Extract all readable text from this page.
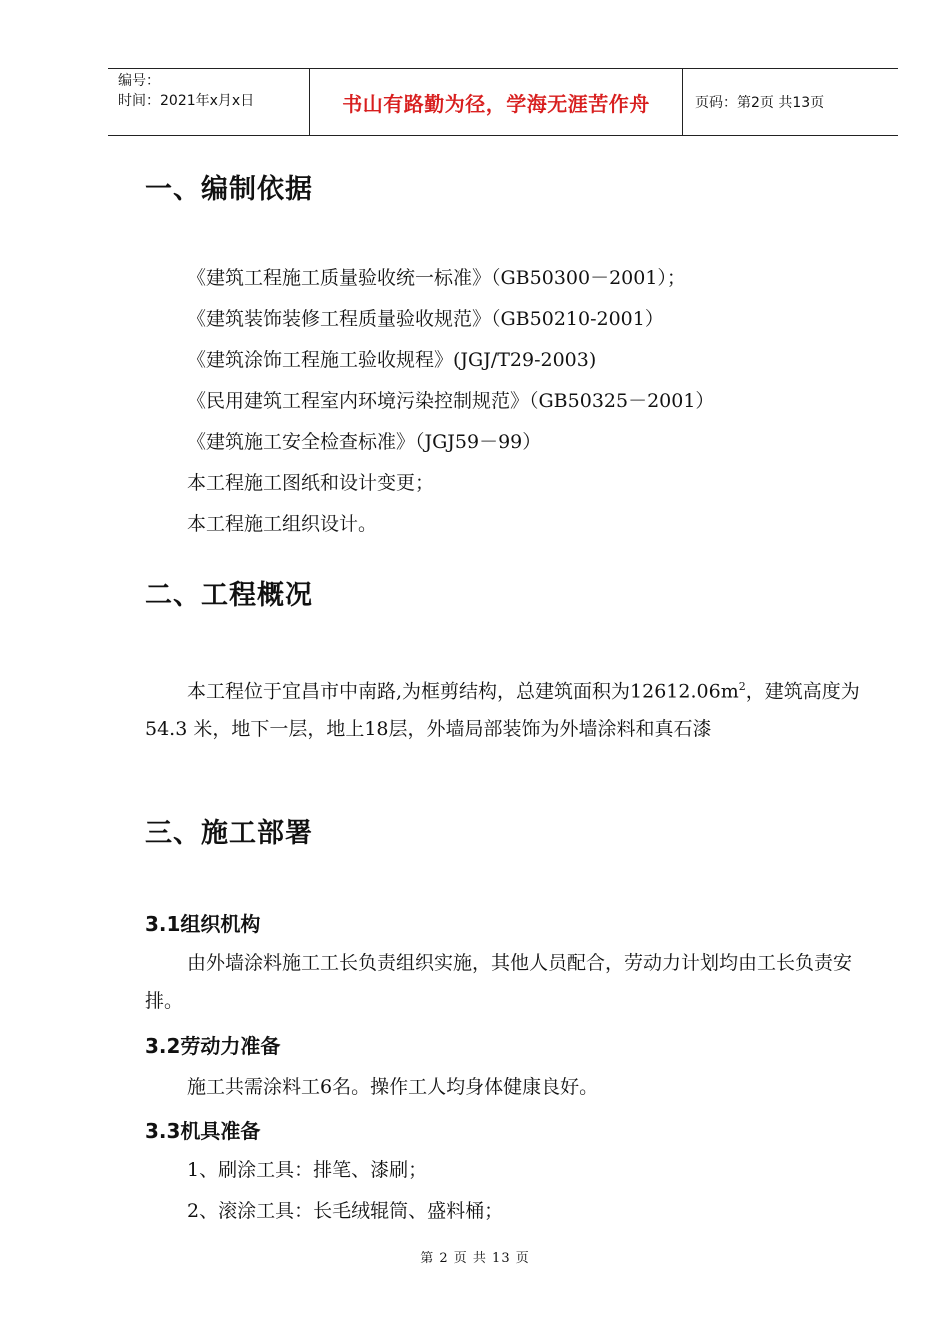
编号：
时间：2021年x月x日	书山有路勤为径，学海无涯苦作舟	页码：第2页 共13页
一、编制依据
《建筑工程施工质量验收统一标准》（GB50300－2001）；
《建筑装饰装修工程质量验收规范》（GB50210-2001）
《建筑涂饰工程施工验收规程》(JGJ/T29-2003)
《民用建筑工程室内环境污染控制规范》（GB50325－2001）
《建筑施工安全检查标准》（JGJ59－99）
本工程施工图纸和设计变更；
本工程施工组织设计。
二、工程概况

本工程位于宜昌市中南路,为框剪结构，总建筑面积为$12612.06m^2$，建筑高度为54.3 米，地下一层，地上18层，外墙局部装饰为外墙涂料和真石漆

三、施工部署
3.1组织机构

由外墙涂料施工工长负责组织实施，其他人员配合，劳动力计划均由工长负责安排。

3.2劳动力准备

施工共需涂料工6名。操作工人均身体健康良好。

3.3机具准备

1、刷涂工具：排笔、漆刷；

2、滚涂工具：长毛绒辊筒、盛料桶；

第 2 页 共 13 页
